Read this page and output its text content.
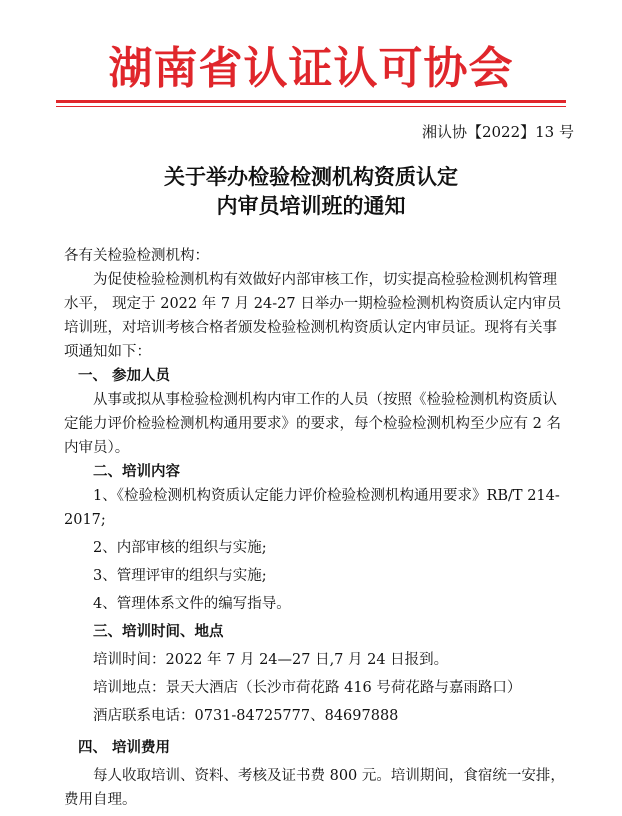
湖南省认证认可协会
湘认协【2022】13 号
关于举办检验检测机构资质认定
内审员培训班的通知

各有关检验检测机构：

为促使检验检测机构有效做好内部审核工作，切实提高检验检测机构管理水平， 现定于 2022 年 7 月 24-27 日举办一期检验检测机构资质认定内审员培训班，对培训考核合格者颁发检验检测机构资质认定内审员证。现将有关事项通知如下：

一、 参加人员

从事或拟从事检验检测机构内审工作的人员（按照《检验检测机构资质认定能力评价检验检测机构通用要求》的要求，每个检验检测机构至少应有 2 名内审员）。

二、培训内容

1、《检验检测机构资质认定能力评价检验检测机构通用要求》RB/T 214-2017;

2、内部审核的组织与实施;

3、管理评审的组织与实施;

4、管理体系文件的编写指导。

三、培训时间、地点

培训时间：2022 年 7 月 24—27 日,7 月 24 日报到。

培训地点：景天大酒店（长沙市荷花路 416 号荷花路与嘉雨路口）

酒店联系电话：0731-84725777、84697888

四、 培训费用

每人收取培训、资料、考核及证书费 800 元。培训期间，食宿统一安排，费用自理。
